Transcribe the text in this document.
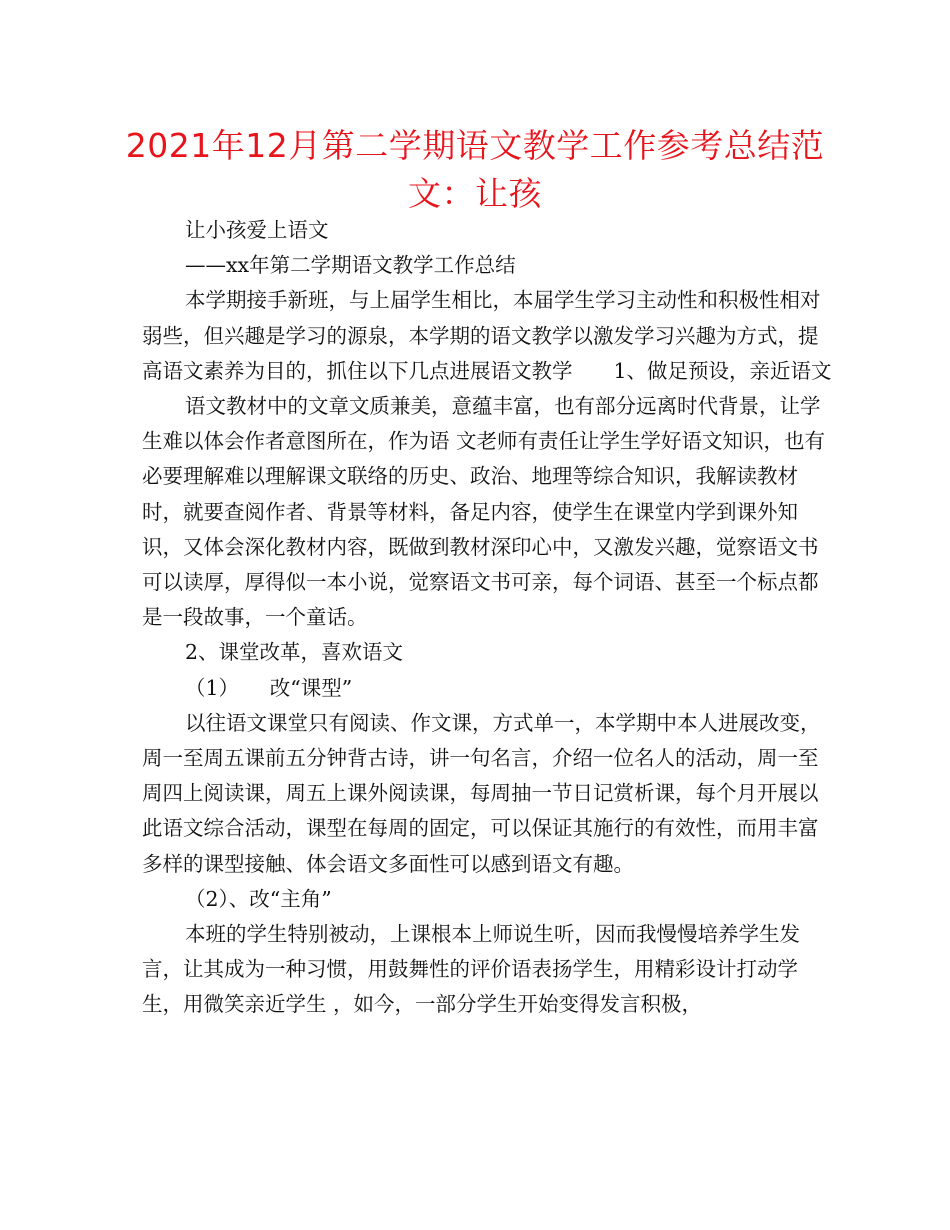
2021年12月第二学期语文教学工作参考总结范
文：让孩

让小孩爱上语文

——xx年第二学期语文教学工作总结

本学期接手新班，与上届学生相比，本届学生学习主动性和积极性相对弱些，但兴趣是学习的源泉，本学期的语文教学以激发学习兴趣为方式，提高语文素养为目的，抓住以下几点进展语文教学　　1、做足预设，亲近语文

语文教材中的文章文质兼美，意蕴丰富，也有部分远离时代背景，让学生难以体会作者意图所在，作为语 文老师有责任让学生学好语文知识，也有必要理解难以理解课文联络的历史、政治、地理等综合知识，我解读教材时，就要查阅作者、背景等材料，备足内容，使学生在课堂内学到课外知识，又体会深化教材内容，既做到教材深印心中，又激发兴趣，觉察语文书可以读厚，厚得似一本小说，觉察语文书可亲，每个词语、甚至一个标点都是一段故事，一个童话。

2、课堂改革，喜欢语文

（1）　　改“课型”

以往语文课堂只有阅读、作文课，方式单一，本学期中本人进展改变，周一至周五课前五分钟背古诗，讲一句名言，介绍一位名人的活动，周一至周四上阅读课，周五上课外阅读课，每周抽一节日记赏析课，每个月开展以此语文综合活动，课型在每周的固定，可以保证其施行的有效性，而用丰富多样的课型接触、体会语文多面性可以感到语文有趣。

（2）、改“主角”

本班的学生特别被动，上课根本上师说生听，因而我慢慢培养学生发言，让其成为一种习惯，用鼓舞性的评价语表扬学生，用精彩设计打动学生，用微笑亲近学生 ，如今，一部分学生开始变得发言积极，
